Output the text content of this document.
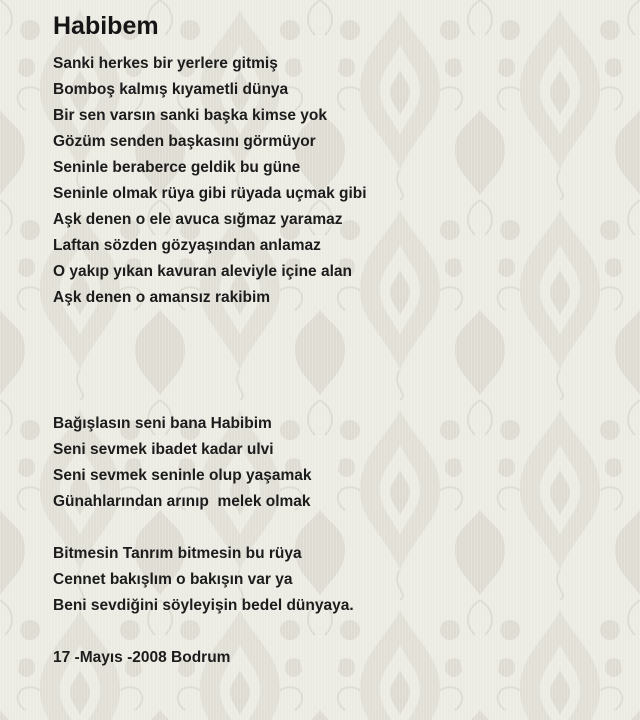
Habibem
Sanki herkes bir yerlere gitmiş
Bomboş kalmış kıyametli dünya
Bir sen varsın sanki başka kimse yok
Gözüm senden başkasını görmüyor
Seninle beraberce geldik bu güne
Seninle olmak rüya gibi rüyada uçmak gibi
Aşk denen o ele avuca sığmaz yaramaz
Laftan sözden gözyaşından anlamaz
O yakıp yıkan kavuran aleviyle içine alan
Aşk denen o amansız rakibim
Bağışlasın seni bana Habibim
Seni sevmek ibadet kadar ulvi
Seni sevmek seninle olup yaşamak
Günahlarından arınıp  melek olmak
Bitmesin Tanrım bitmesin bu rüya
Cennet bakışlım o bakışın var ya
Beni sevdiğini söyleyişin bedel dünyaya.
17 -Mayıs -2008 Bodrum
